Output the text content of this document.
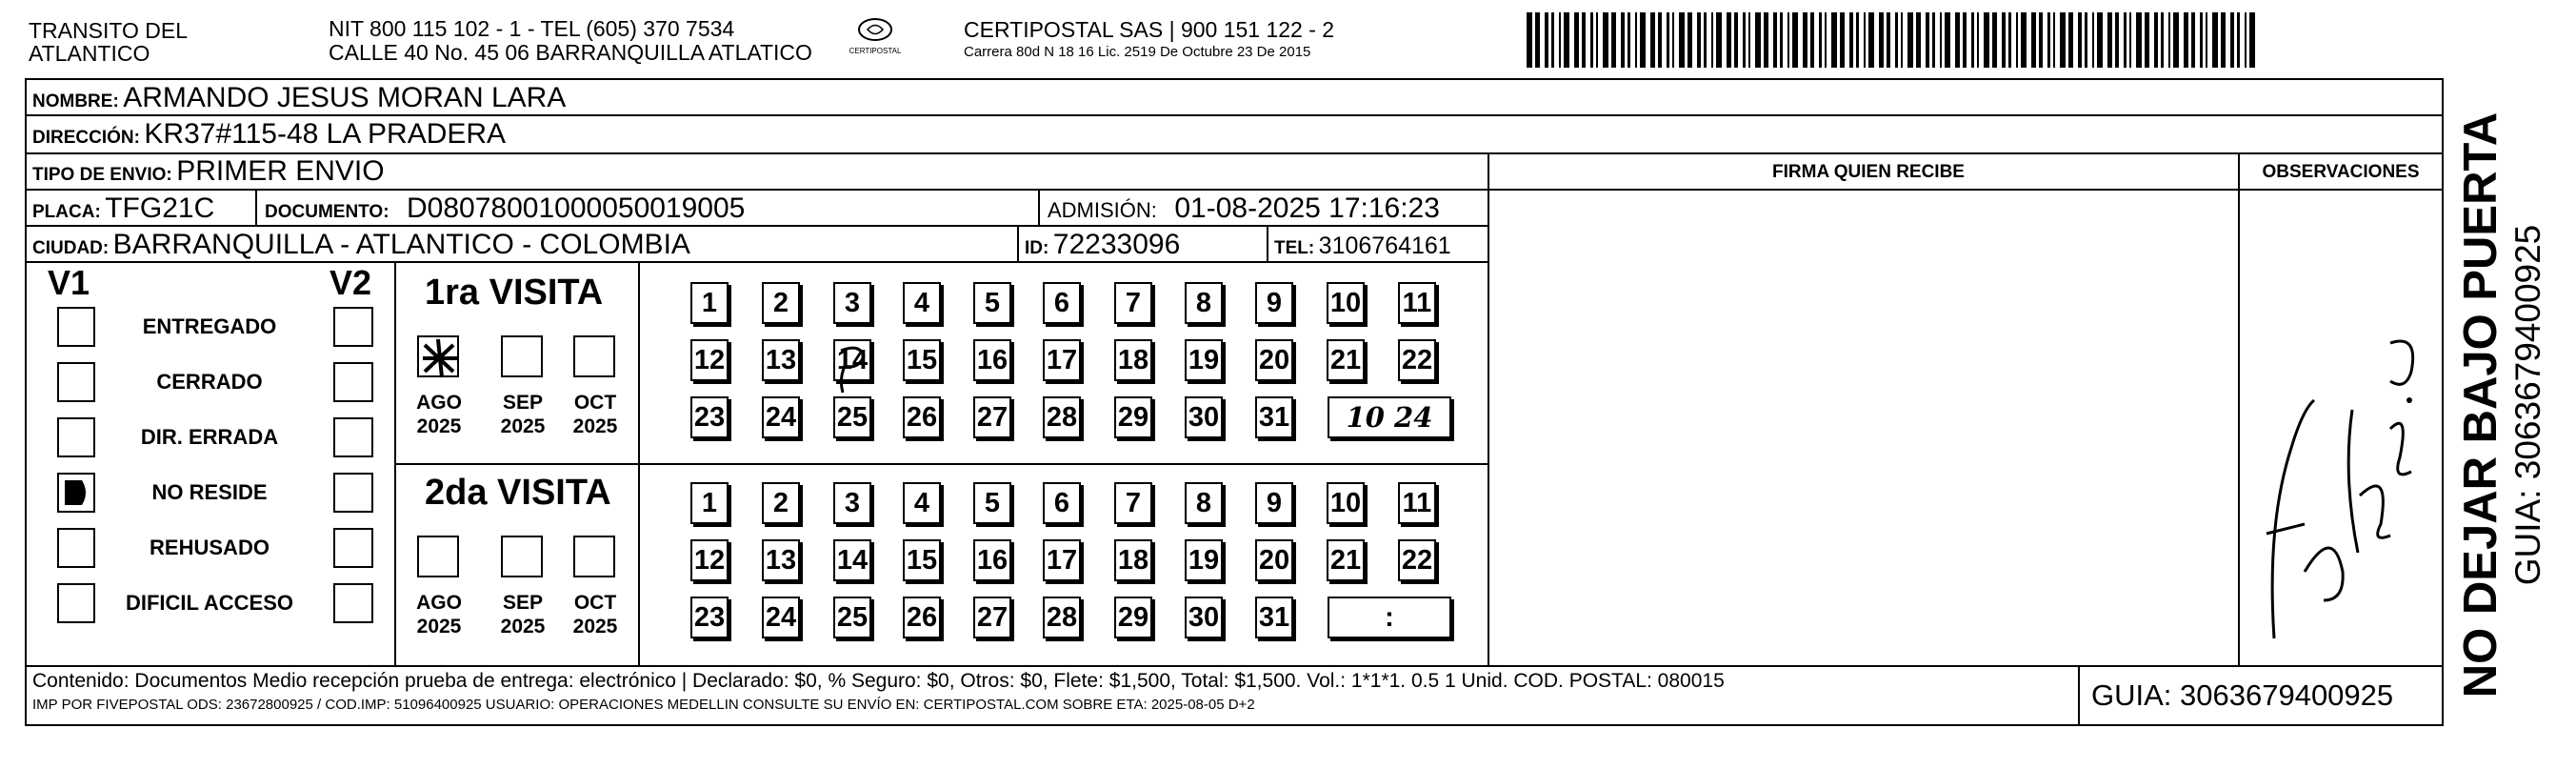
TRANSITO DEL
ATLANTICO
NIT 800 115 102 - 1 - TEL (605) 370 7534
CALLE 40 No. 45 06 BARRANQUILLA ATLATICO	CERTIPOSTAL
CERTIPOSTAL SAS | 900 151 122 - 2
Carrera 80d N 18 16 Lic. 2519 De Octubre 23 De 2015
NOMBRE: ARMANDO JESUS MORAN LARA
DIRECCIÓN: KR37#115-48 LA PRADERA
TIPO DE ENVIO: PRIMER ENVIO	FIRMA QUIEN RECIBE	OBSERVACIONES
PLACA: TFG21C	DOCUMENTO: D08078001000050019005	ADMISIÓN: 01-08-2025 17:16:23
CIUDAD: BARRANQUILLA - ATLANTICO - COLOMBIA	ID: 72233096	TEL: 3106764161
V1	V2
ENTREGADO
CERRADO
DIR. ERRADA
NO RESIDE
REHUSADO
DIFICIL ACCESO
1ra VISITA
AGO
2025
SEP
2025
OCT
2025
1 2 3 4 5 6 7 8 9 10 11
12 13 14 15 16 17 18 19 20 21 22
23 24 25 26 27 28 29 30 31 10 24
2da VISITA
AGO
2025
SEP
2025
OCT
2025
1 2 3 4 5 6 7 8 9 10 11
12 13 14 15 16 17 18 19 20 21 22
23 24 25 26 27 28 29 30 31	:
Contenido: Documentos Medio recepción prueba de entrega: electrónico | Declarado: $0, % Seguro: $0, Otros: $0, Flete: $1,500, Total: $1,500. Vol.: 1*1*1. 0.5 1 Unid. COD. POSTAL: 080015
IMP POR FIVEPOSTAL ODS: 23672800925 / COD.IMP: 51096400925 USUARIO: OPERACIONES MEDELLIN CONSULTE SU ENVÍO EN: CERTIPOSTAL.COM SOBRE ETA: 2025-08-05 D+2	GUIA: 3063679400925 NO DEJAR BAJO PUERTA GUIA: 3063679400925
